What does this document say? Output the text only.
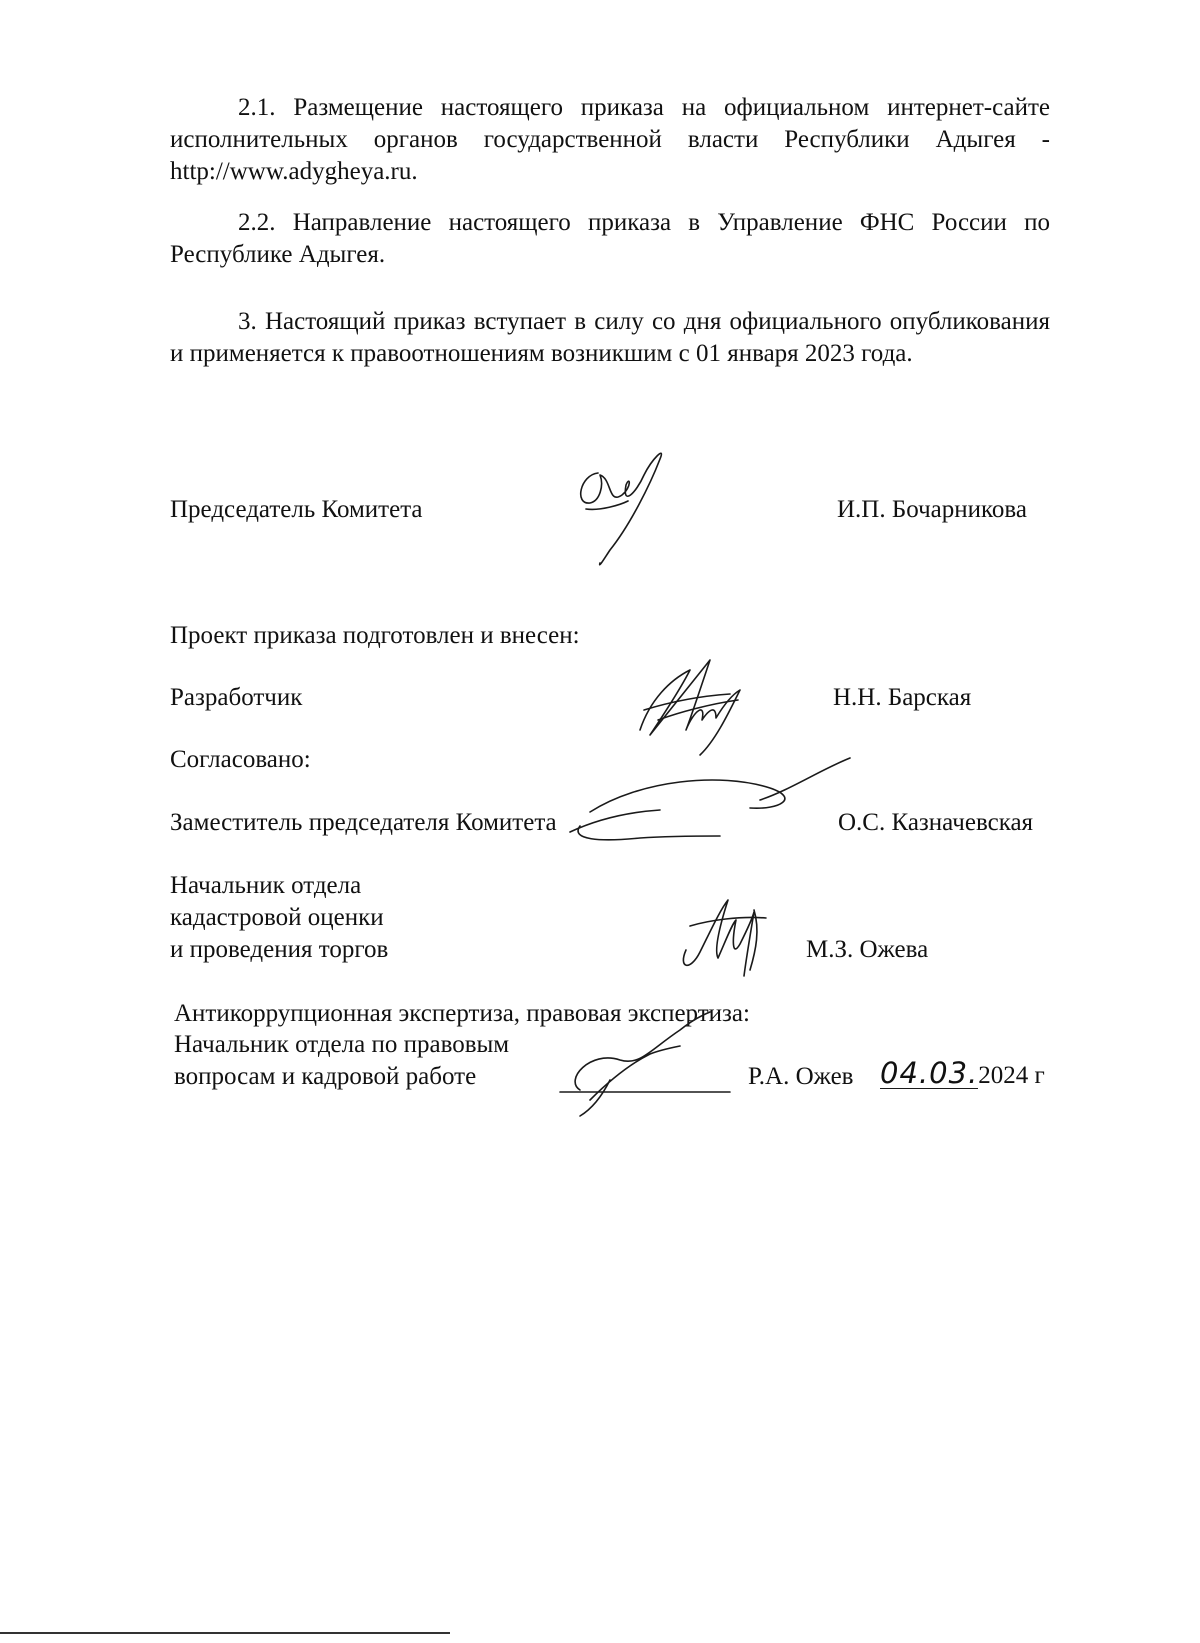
2.1. Размещение настоящего приказа на официальном интернет-сайте исполнительных органов государственной власти Республики Адыгея - http://www.adygheya.ru.

2.2. Направление настоящего приказа в Управление ФНС России по Республике Адыгея.

3. Настоящий приказ вступает в силу со дня официального опубликования и применяется к правоотношениям возникшим с 01 января 2023 года.

Председатель Комитета	И.П. Бочарникова
Проект приказа подготовлен и внесен:
Разработчик	Н.Н. Барская
Согласовано:
Заместитель председателя Комитета	О.С. Казначевская
Начальник отдела
кадастровой оценки
и проведения торгов	М.З. Ожева
Антикоррупционная экспертиза, правовая экспертиза:
Начальник отдела по правовым
вопросам и кадровой работе	Р.А. Ожев 04.03.2024 г
